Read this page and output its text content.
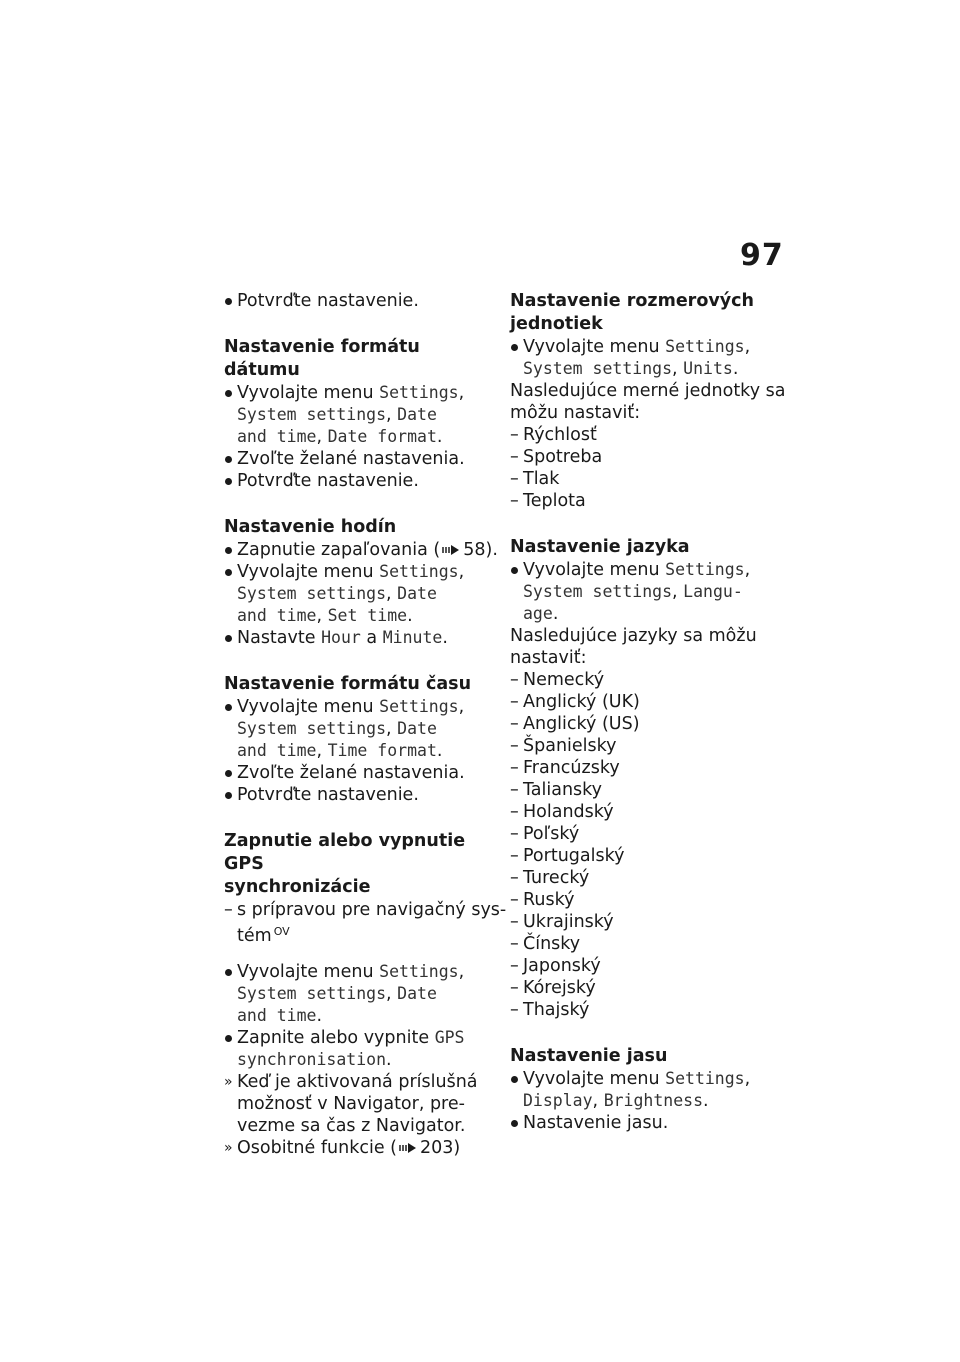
97
Potvrďte nastavenie.
Nastavenie formátu dátumu
Vyvolajte menu Settings,
System settings, Date
and time, Date format.
Zvoľte želané nastavenia.
Potvrďte nastavenie.
Nastavenie hodín
Zapnutie zapaľovania ( 58).
Vyvolajte menu Settings,
System settings, Date
and time, Set time.
Nastavte Hour a Minute.
Nastavenie formátu času
Vyvolajte menu Settings,
System settings, Date
and time, Time format.
Zvoľte želané nastavenia.
Potvrďte nastavenie.
Zapnutie alebo vypnutie GPS
synchronizácie
– s prípravou pre navigačný sys-
tém $^{OV}$
Vyvolajte menu Settings,
System settings, Date
and time.
Zapnite alebo vypnite GPS
synchronisation.
» Keď je aktivovaná príslušná
možnosť v Navigator, pre-
vezme sa čas z Navigator.
» Osobitné funkcie ( 203)
Nastavenie rozmerových
jednotiek
Vyvolajte menu Settings,
System settings, Units.
Nasledujúce merné jednotky sa
môžu nastaviť:
– Rýchlosť
– Spotreba
– Tlak
– Teplota
Nastavenie jazyka
Vyvolajte menu Settings,
System settings, Langu-
age.
Nasledujúce jazyky sa môžu
nastaviť:
– Nemecký
– Anglický (UK)
– Anglický (US)
– Španielsky
– Francúzsky
– Taliansky
– Holandský
– Poľský
– Portugalský
– Turecký
– Ruský
– Ukrajinský
– Čínsky
– Japonský
– Kórejský
– Thajský
Nastavenie jasu
Vyvolajte menu Settings,
Display, Brightness.
Nastavenie jasu.
